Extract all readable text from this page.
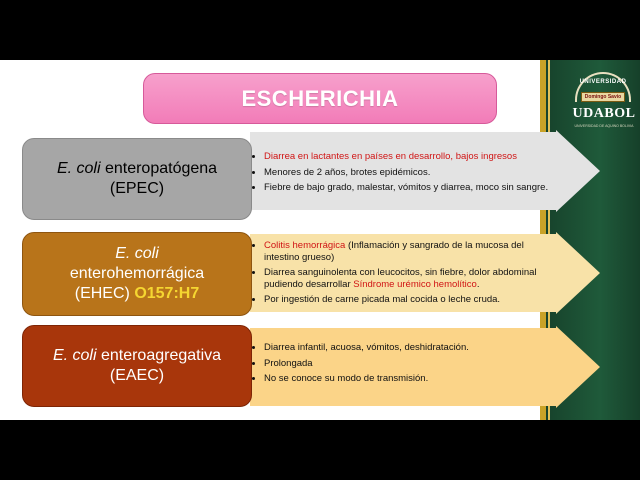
UNIVERSIDAD
Domingo Savio
UDABOL
UNIVERSIDAD DE AQUINO BOLIVIA
ESCHERICHIA
E. coli enteropatógena
(EPEC)
• Diarrea en lactantes en países en desarrollo, bajos ingresos
• Menores de 2 años, brotes epidémicos.
• Fiebre de bajo grado, malestar, vómitos y diarrea, moco sin sangre.
E. coli
enterohemorrágica
(EHEC) O157:H7
• Colitis hemorrágica (Inflamación y sangrado de la mucosa del intestino grueso)
• Diarrea sanguinolenta con leucocitos, sin fiebre, dolor abdominal pudiendo desarrollar Síndrome urémico hemolítico.
• Por ingestión de carne picada mal cocida o leche cruda.
E. coli enteroagregativa
(EAEC)
• Diarrea infantil, acuosa, vómitos, deshidratación.
• Prolongada
• No se conoce su modo de transmisión.
